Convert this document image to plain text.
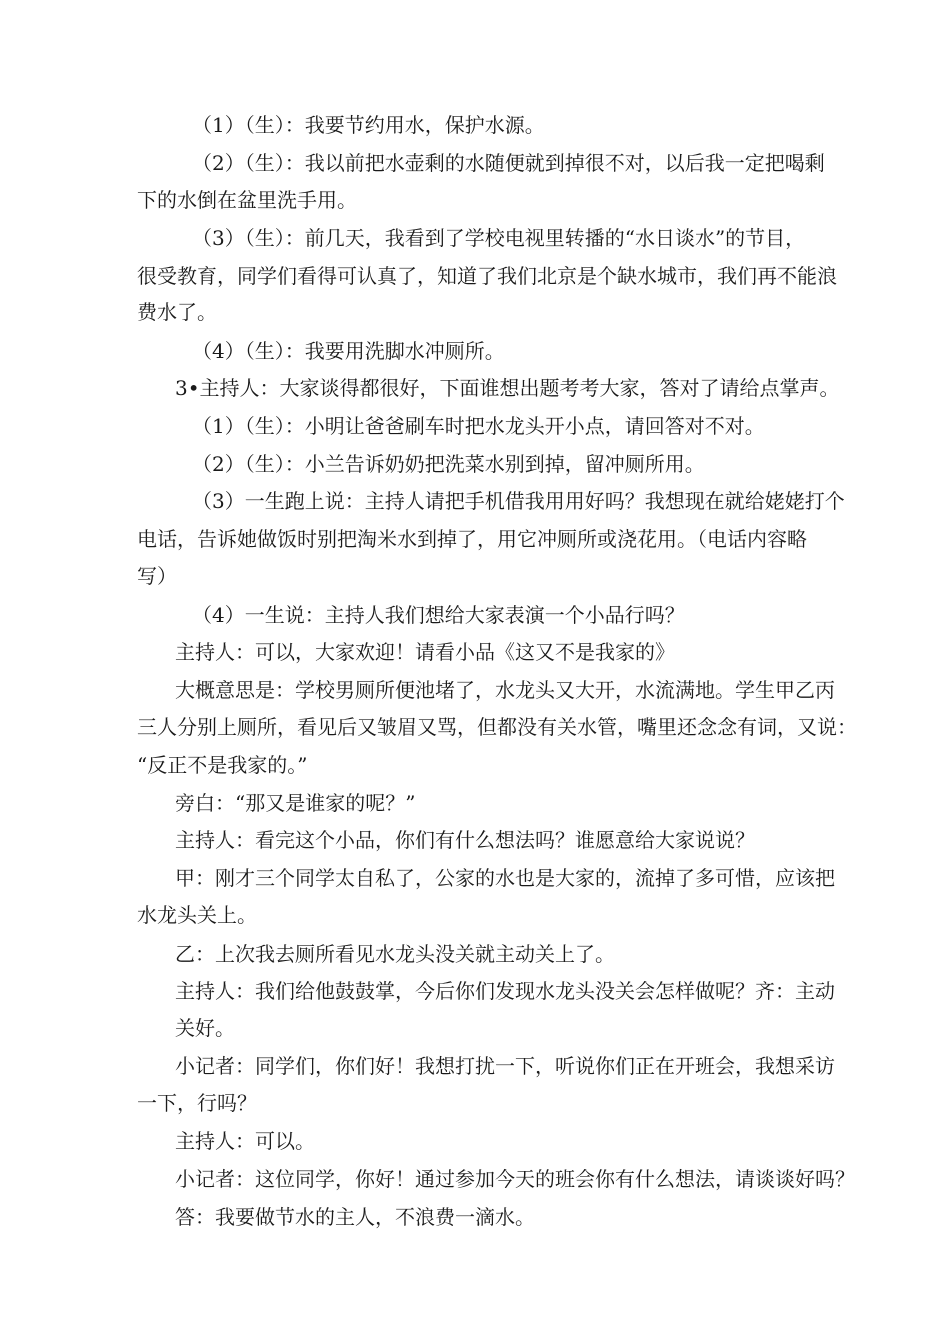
（1）（生）：我要节约用水，保护水源。

（2）（生）：我以前把水壶剩的水随便就到掉很不对，以后我一定把喝剩

下的水倒在盆里洗手用。

（3）（生）：前几天，我看到了学校电视里转播的“水日谈水”的节目，

很受教育，同学们看得可认真了，知道了我们北京是个缺水城市，我们再不能浪

费水了。

（4）（生）：我要用洗脚水冲厕所。

3•主持人：大家谈得都很好，下面谁想出题考考大家，答对了请给点掌声。

（1）（生）：小明让爸爸刷车时把水龙头开小点，请回答对不对。

（2）（生）：小兰告诉奶奶把洗菜水别到掉，留冲厕所用。

（3）一生跑上说：主持人请把手机借我用用好吗？我想现在就给姥姥打个

电话，告诉她做饭时别把淘米水到掉了，用它冲厕所或浇花用。（电话内容略

写）

（4）一生说：主持人我们想给大家表演一个小品行吗？

主持人：可以，大家欢迎！请看小品《这又不是我家的》

大概意思是：学校男厕所便池堵了，水龙头又大开，水流满地。学生甲乙丙

三人分别上厕所，看见后又皱眉又骂，但都没有关水管，嘴里还念念有词，又说：

“反正不是我家的。”

旁白：“那又是谁家的呢？”

主持人：看完这个小品，你们有什么想法吗？谁愿意给大家说说？

甲：刚才三个同学太自私了，公家的水也是大家的，流掉了多可惜，应该把

水龙头关上。

乙：上次我去厕所看见水龙头没关就主动关上了。

主持人：我们给他鼓鼓掌，今后你们发现水龙头没关会怎样做呢？齐：主动

关好。

小记者：同学们，你们好！我想打扰一下，听说你们正在开班会，我想采访

一下，行吗？

主持人：可以。

小记者：这位同学，你好！通过参加今天的班会你有什么想法，请谈谈好吗？

答：我要做节水的主人，不浪费一滴水。
